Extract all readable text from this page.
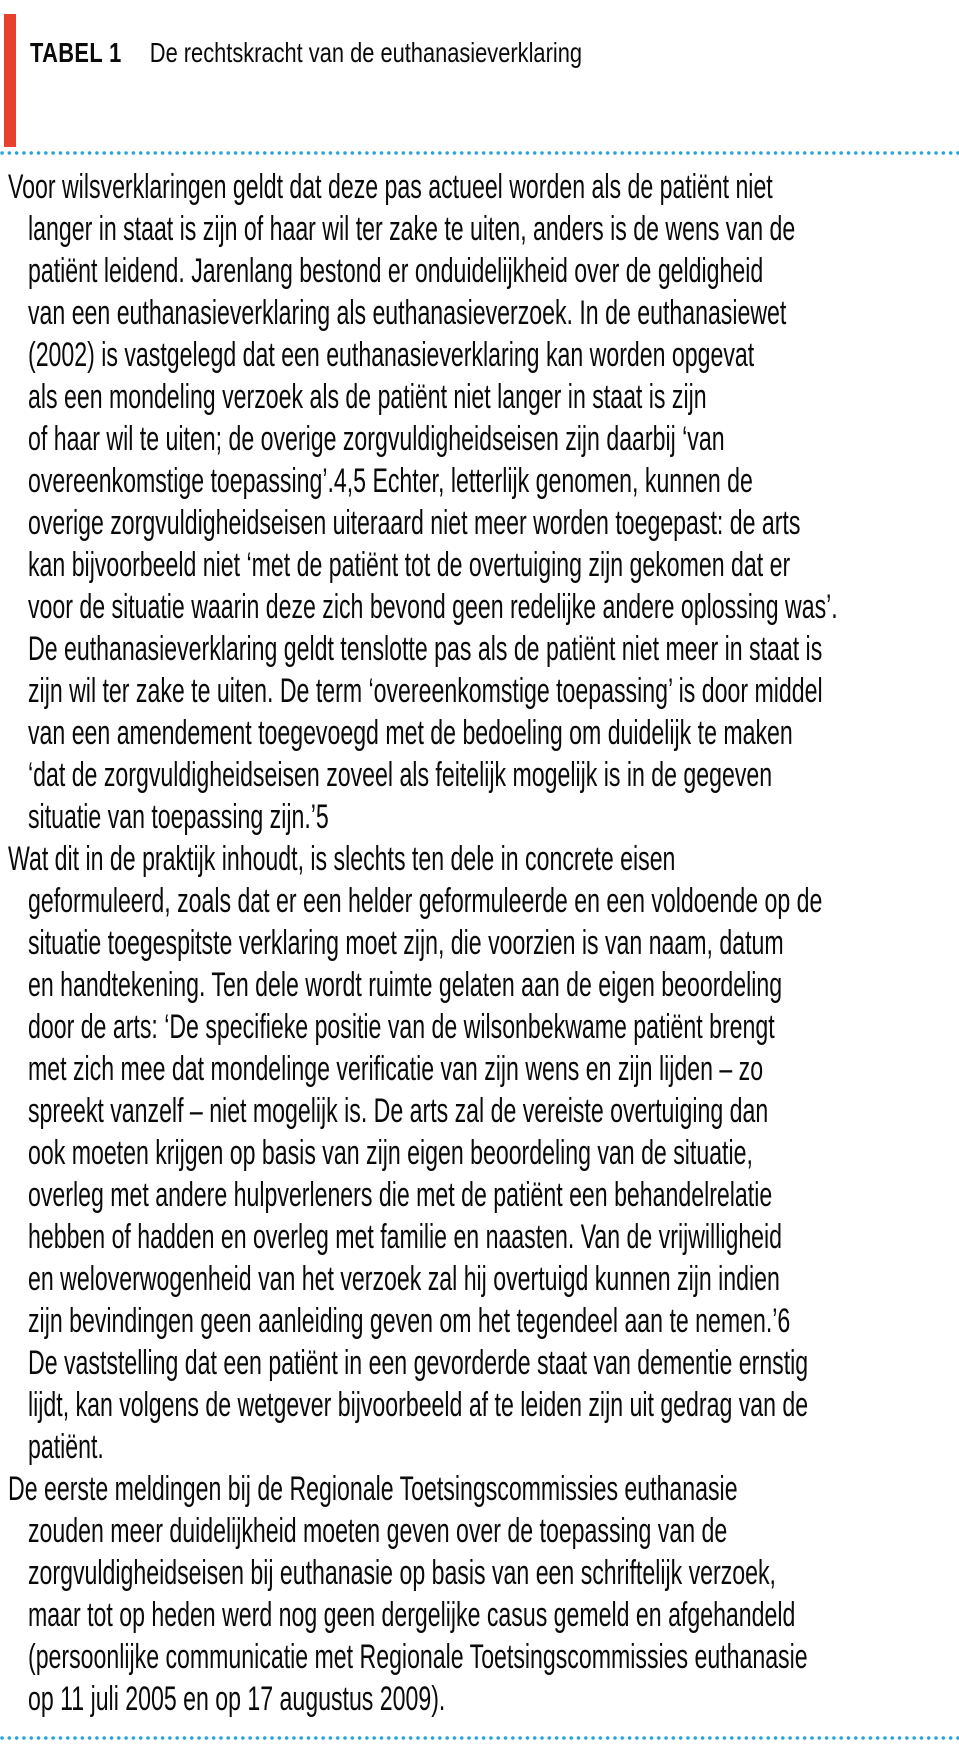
TABEL 1 De rechtskracht van de euthanasieverklaring
Voor wilsverklaringen geldt dat deze pas actueel worden als de patiënt niet
langer in staat is zijn of haar wil ter zake te uiten, anders is de wens van de
patiënt leidend. Jarenlang bestond er onduidelijkheid over de geldigheid
van een euthanasieverklaring als euthanasieverzoek. In de euthanasiewet
(2002) is vastgelegd dat een euthanasieverklaring kan worden opgevat
als een mondeling verzoek als de patiënt niet langer in staat is zijn
of haar wil te uiten; de overige zorgvuldigheidseisen zijn daarbij ‘van
overeenkomstige toepassing’.4,5 Echter, letterlijk genomen, kunnen de
overige zorgvuldigheidseisen uiteraard niet meer worden toegepast: de arts
kan bijvoorbeeld niet ‘met de patiënt tot de overtuiging zijn gekomen dat er
voor de situatie waarin deze zich bevond geen redelijke andere oplossing was’.
De euthanasieverklaring geldt tenslotte pas als de patiënt niet meer in staat is
zijn wil ter zake te uiten. De term ‘overeenkomstige toepassing’ is door middel
van een amendement toegevoegd met de bedoeling om duidelijk te maken
‘dat de zorgvuldigheidseisen zoveel als feitelijk mogelijk is in de gegeven
situatie van toepassing zijn.’5
Wat dit in de praktijk inhoudt, is slechts ten dele in concrete eisen
geformuleerd, zoals dat er een helder geformuleerde en een voldoende op de
situatie toegespitste verklaring moet zijn, die voorzien is van naam, datum
en handtekening. Ten dele wordt ruimte gelaten aan de eigen beoordeling
door de arts: ‘De specifieke positie van de wilsonbekwame patiënt brengt
met zich mee dat mondelinge verificatie van zijn wens en zijn lijden – zo
spreekt vanzelf – niet mogelijk is. De arts zal de vereiste overtuiging dan
ook moeten krijgen op basis van zijn eigen beoordeling van de situatie,
overleg met andere hulpverleners die met de patiënt een behandelrelatie
hebben of hadden en overleg met familie en naasten. Van de vrijwilligheid
en weloverwogenheid van het verzoek zal hij overtuigd kunnen zijn indien
zijn bevindingen geen aanleiding geven om het tegendeel aan te nemen.’6
De vaststelling dat een patiënt in een gevorderde staat van dementie ernstig
lijdt, kan volgens de wetgever bijvoorbeeld af te leiden zijn uit gedrag van de
patiënt.
De eerste meldingen bij de Regionale Toetsingscommissies euthanasie
zouden meer duidelijkheid moeten geven over de toepassing van de
zorgvuldigheidseisen bij euthanasie op basis van een schriftelijk verzoek,
maar tot op heden werd nog geen dergelijke casus gemeld en afgehandeld
(persoonlijke communicatie met Regionale Toetsingscommissies euthanasie
op 11 juli 2005 en op 17 augustus 2009).
